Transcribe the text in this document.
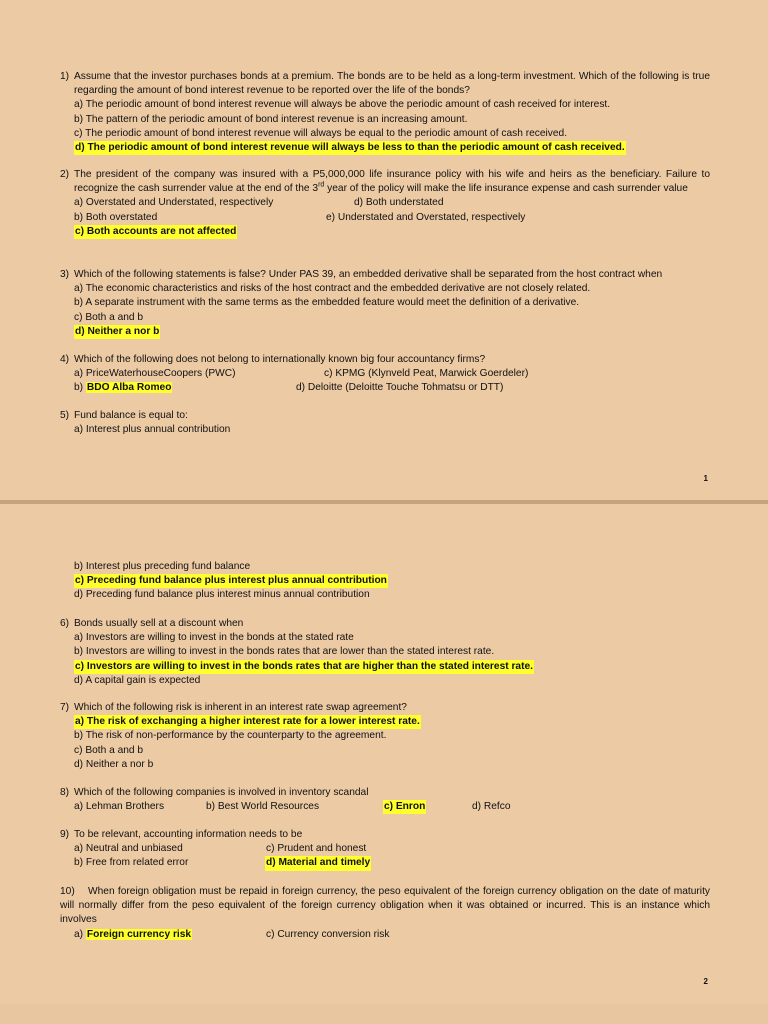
1) Assume that the investor purchases bonds at a premium. The bonds are to be held as a long-term investment. Which of the following is true regarding the amount of bond interest revenue to be reported over the life of the bonds?
a) The periodic amount of bond interest revenue will always be above the periodic amount of cash received for interest.
b) The pattern of the periodic amount of bond interest revenue is an increasing amount.
c) The periodic amount of bond interest revenue will always be equal to the periodic amount of cash received.
d) The periodic amount of bond interest revenue will always be less to than the periodic amount of cash received.
2) The president of the company was insured with a P5,000,000 life insurance policy with his wife and heirs as the beneficiary. Failure to recognize the cash surrender value at the end of the 3rd year of the policy will make the life insurance expense and cash surrender value
a) Overstated and Understated, respectively	d) Both understated
b) Both overstated	e) Understated and Overstated, respectively
c) Both accounts are not affected
3) Which of the following statements is false? Under PAS 39, an embedded derivative shall be separated from the host contract when
a) The economic characteristics and risks of the host contract and the embedded derivative are not closely related.
b) A separate instrument with the same terms as the embedded feature would meet the definition of a derivative.
c) Both a and b
d) Neither a nor b
4) Which of the following does not belong to internationally known big four accountancy firms?
a) PriceWaterhouseCoopers (PWC)	c) KPMG (Klynveld Peat, Marwick Goerdeler)
b) BDO Alba Romeo	d) Deloitte (Deloitte Touche Tohmatsu or DTT)
5) Fund balance is equal to:
a) Interest plus annual contribution
1
b) Interest plus preceding fund balance
c) Preceding fund balance plus interest plus annual contribution
d) Preceding fund balance plus interest minus annual contribution
6) Bonds usually sell at a discount when
a) Investors are willing to invest in the bonds at the stated rate
b) Investors are willing to invest in the bonds rates that are lower than the stated interest rate.
c) Investors are willing to invest in the bonds rates that are higher than the stated interest rate.
d) A capital gain is expected
7) Which of the following risk is inherent in an interest rate swap agreement?
a) The risk of exchanging a higher interest rate for a lower interest rate.
b) The risk of non-performance by the counterparty to the agreement.
c) Both a and b
d) Neither a nor b
8) Which of the following companies is involved in inventory scandal
a) Lehman Brothers	b) Best World Resources	c) Enron	d) Refco
9) To be relevant, accounting information needs to be
a) Neutral and unbiased	c) Prudent and honest
b) Free from related error	d) Material and timely
10)	When foreign obligation must be repaid in foreign currency, the peso equivalent of the foreign currency obligation on the date of maturity will normally differ from the peso equivalent of the foreign currency obligation when it was obtained or incurred. This is an instance which involves
a) Foreign currency risk	c) Currency conversion risk
2
